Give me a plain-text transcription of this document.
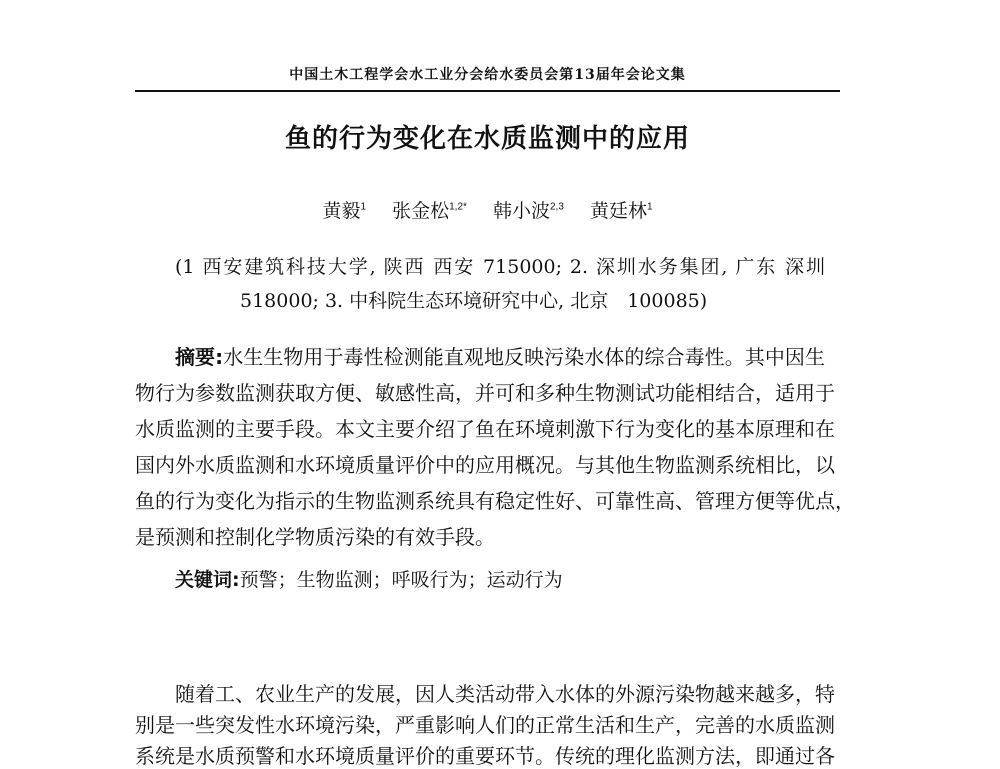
中国土木工程学会水工业分会给水委员会第13届年会论文集
鱼的行为变化在水质监测中的应用
黄毅$^1$ 张金松$^{1,2*}$ 韩小波$^{2,3}$ 黄廷林$^1$
(1 西安建筑科技大学, 陕西 西安 715000; 2. 深圳水务集团, 广东 深圳
518000; 3. 中科院生态环境研究中心, 北京　100085)
摘要:水生生物用于毒性检测能直观地反映污染水体的综合毒性。其中因生
物行为参数监测获取方便、敏感性高，并可和多种生物测试功能相结合，适用于
水质监测的主要手段。本文主要介绍了鱼在环境刺激下行为变化的基本原理和在
国内外水质监测和水环境质量评价中的应用概况。与其他生物监测系统相比，以
鱼的行为变化为指示的生物监测系统具有稳定性好、可靠性高、管理方便等优点，
是预测和控制化学物质污染的有效手段。
关键词:预警；生物监测；呼吸行为；运动行为
随着工、农业生产的发展，因人类活动带入水体的外源污染物越来越多，特
别是一些突发性水环境污染，严重影响人们的正常生活和生产，完善的水质监测
系统是水质预警和水环境质量评价的重要环节。传统的理化监测方法，即通过各
